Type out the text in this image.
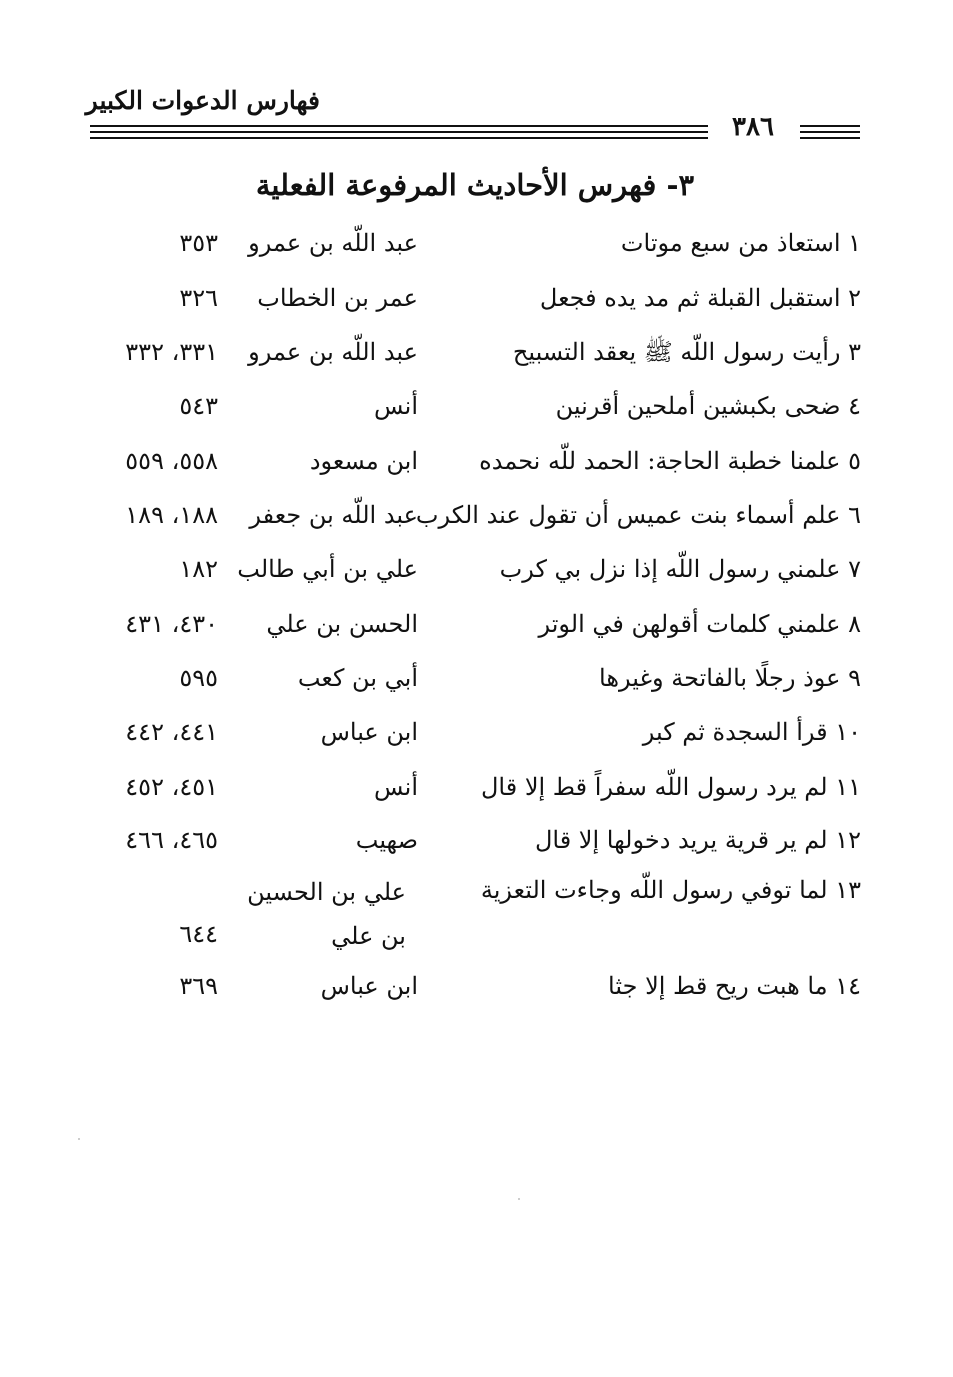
فهارس الدعوات الكبير
٣٨٦
٣- فهرس الأحاديث المرفوعة الفعلية
١ استعاذ من سبع موتات
عبد اللّه بن عمرو
٣٥٣
٢ استقبل القبلة ثم مد يده فجعل
عمر بن الخطاب
٣٢٦
٣ رأيت رسول اللّه ﷺ يعقد التسبيح
عبد اللّه بن عمرو
٣٣١، ٣٣٢
٤ ضحى بكبشين أملحين أقرنين
أنس
٥٤٣
٥ علمنا خطبة الحاجة: الحمد للّه نحمده
ابن مسعود
٥٥٨، ٥٥٩
٦ علم أسماء بنت عميس أن تقول عند الكرب
عبد اللّه بن جعفر
١٨٨، ١٨٩
٧ علمني رسول اللّه إذا نزل بي كرب
علي بن أبي طالب
١٨٢
٨ علمني كلمات أقولهن في الوتر
الحسن بن علي
٤٣٠، ٤٣١
٩ عوذ رجلًا بالفاتحة وغيرها
أبي بن كعب
٥٩٥
١٠ قرأ السجدة ثم كبر
ابن عباس
٤٤١، ٤٤٢
١١ لم يرد رسول اللّه سفراً قط إلا قال
أنس
٤٥١، ٤٥٢
١٢ لم ير قرية يريد دخولها إلا قال
صهيب
٤٦٥، ٤٦٦
١٣ لما توفي رسول اللّه وجاءت التعزية
علي بن الحسين بن علي
٦٤٤
١٤ ما هبت ريح قط إلا جثا
ابن عباس
٣٦٩
